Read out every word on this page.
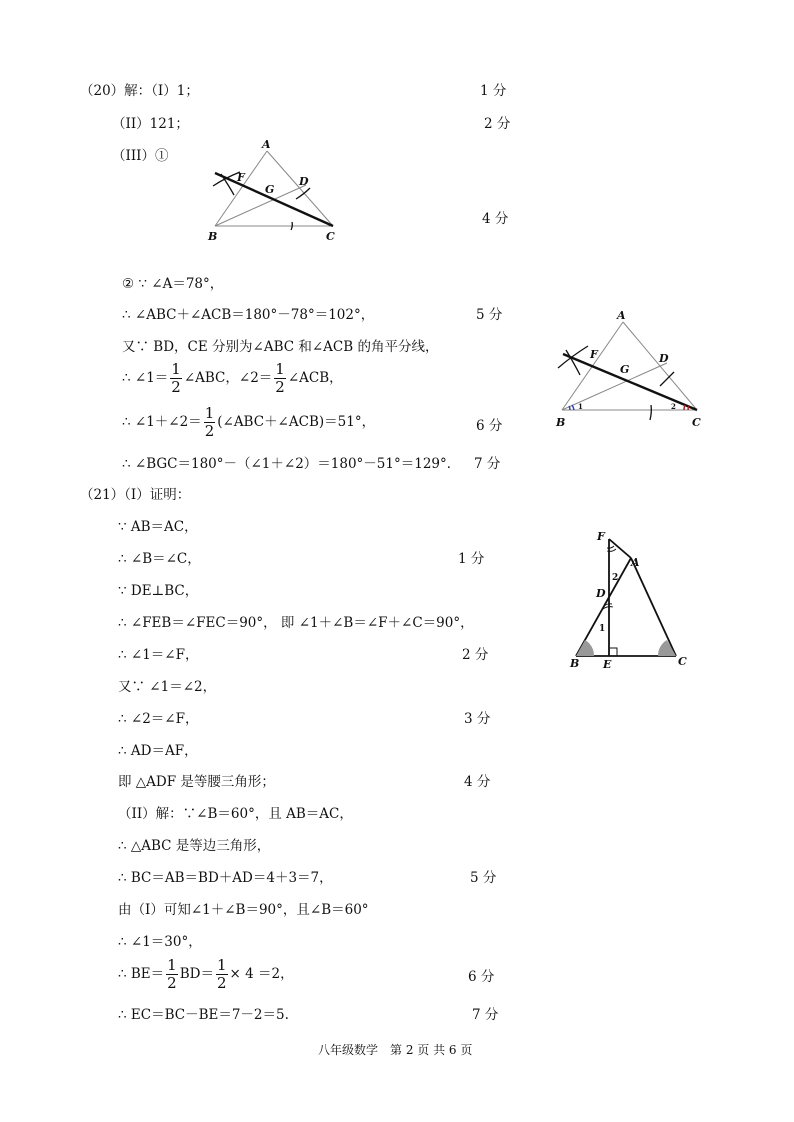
（20）解：（I）1；	1 分
（II）121；	2 分
（III）①
4 分
A
F
G
D
B	C
② ∵ ∠A＝78°，
∴ ∠ABC＋∠ACB＝180°－78°＝102°，	5 分
又∵ BD，CE 分别为∠ABC 和∠ACB 的角平分线，
∴ ∠1＝ $\frac{1}{2}$ ∠ABC，∠2＝ $\frac{1}{2}$ ∠ACB，
∴ ∠1＋∠2＝ $\frac{1}{2}$ (∠ABC＋∠ACB)＝51°，	6 分
∴ ∠BGC＝180°－（∠1＋∠2）＝180°－51°＝129°． 7 分
A
F
G
D
B	C
1	2
（21）（I）证明：
∵ AB＝AC，
∴ ∠B＝∠C，	1 分
∵ DE⊥BC，
∴ ∠FEB＝∠FEC＝90°， 即 ∠1＋∠B＝∠F＋∠C＝90°，
∴ ∠1＝∠F，	2 分
又∵ ∠1＝∠2，
∴ ∠2＝∠F，	3 分
∴ AD＝AF，
即 △ADF 是等腰三角形；	4 分
（II）解：∵∠B＝60°，且 AB＝AC，
∴ △ABC 是等边三角形，
∴ BC＝AB＝BD＋AD＝4＋3＝7，	5 分
由（I）可知∠1＋∠B＝90°，且∠B＝60°
∴ ∠1＝30°，
∴ $BE= \frac{1}{2} BD= \frac{1}{2} \times 4 =2$，	6 分
∴ EC＝BC－BE＝7－2＝5.	7 分
F
A
D
B E	C
1
2
八年级数学　第 2 页 共 6 页
